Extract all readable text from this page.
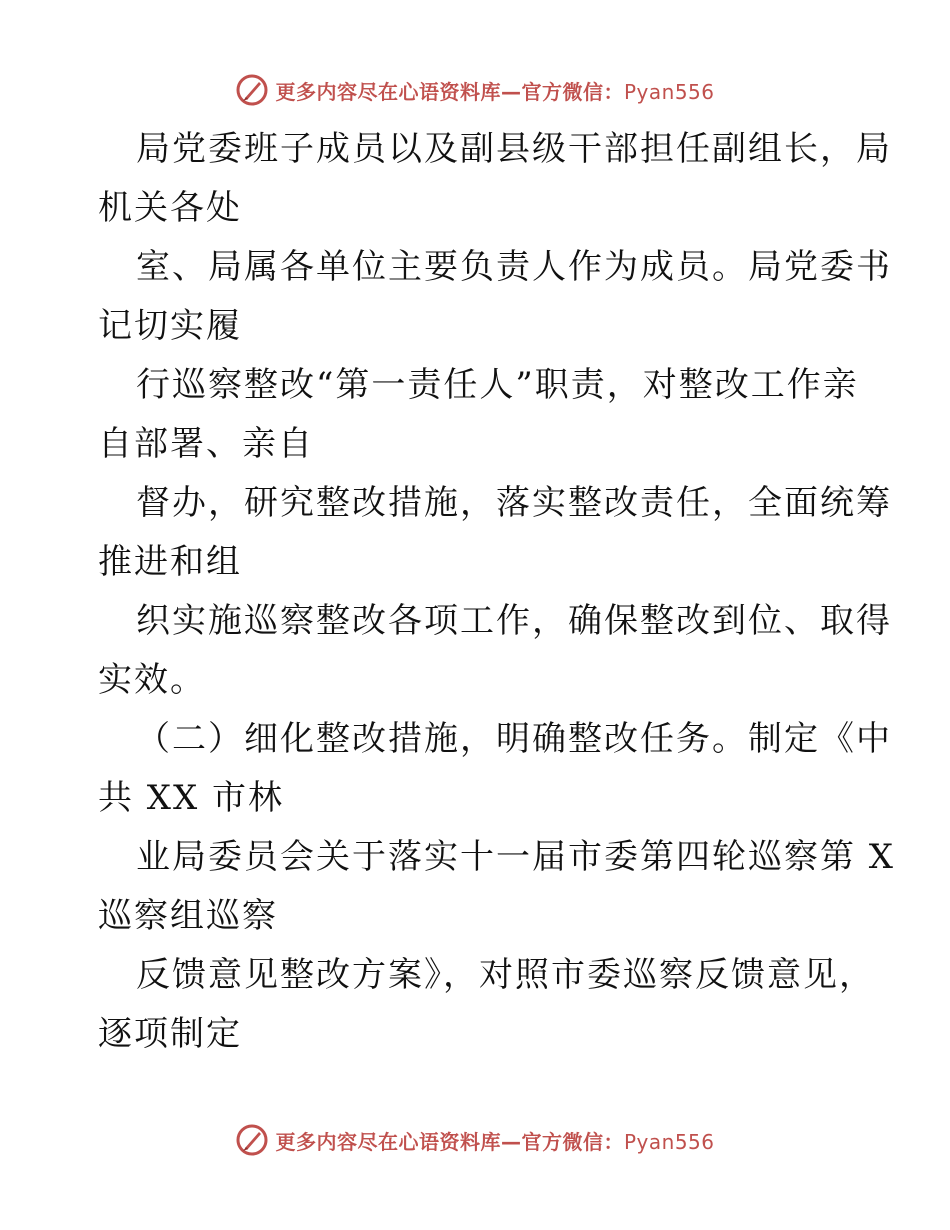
更多内容尽在心语资料库—官方微信：Pyan556
局党委班子成员以及副县级干部担任副组长，局
机关各处
室、局属各单位主要负责人作为成员。局党委书
记切实履
行巡察整改“第一责任人”职责，对整改工作亲
自部署、亲自
督办，研究整改措施，落实整改责任，全面统筹
推进和组
织实施巡察整改各项工作，确保整改到位、取得
实效。
（二）细化整改措施，明确整改任务。制定《中
共 XX 市林
业局委员会关于落实十一届市委第四轮巡察第 X
巡察组巡察
反馈意见整改方案》，对照市委巡察反馈意见，
逐项制定
更多内容尽在心语资料库—官方微信：Pyan556
